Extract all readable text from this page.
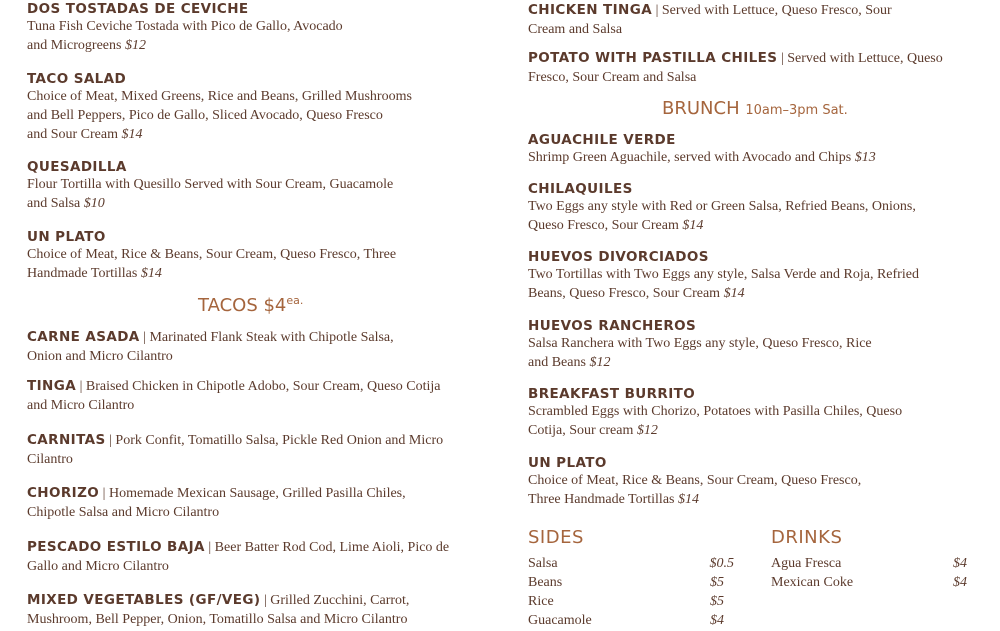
DOS TOSTADAS DE CEVICHE
Tuna Fish Ceviche Tostada with Pico de Gallo, Avocado
and Microgreens $12
TACO SALAD
Choice of Meat, Mixed Greens, Rice and Beans, Grilled Mushrooms
and Bell Peppers, Pico de Gallo, Sliced Avocado, Queso Fresco
and Sour Cream $14
QUESADILLA
Flour Tortilla with Quesillo Served with Sour Cream, Guacamole
and Salsa $10
UN PLATO
Choice of Meat, Rice & Beans, Sour Cream, Queso Fresco, Three
Handmade Tortillas $14
TACOS $\$4^{ea.}$
CARNE ASADA | Marinated Flank Steak with Chipotle Salsa,
Onion and Micro Cilantro
TINGA | Braised Chicken in Chipotle Adobo, Sour Cream, Queso Cotija
and Micro Cilantro
CARNITAS | Pork Confit, Tomatillo Salsa, Pickle Red Onion and Micro
Cilantro
CHORIZO | Homemade Mexican Sausage, Grilled Pasilla Chiles,
Chipotle Salsa and Micro Cilantro
PESCADO ESTILO BAJA | Beer Batter Rod Cod, Lime Aioli, Pico de
Gallo and Micro Cilantro
MIXED VEGETABLES (GF/VEG) | Grilled Zucchini, Carrot,
Mushroom, Bell Pepper, Onion, Tomatillo Salsa and Micro Cilantro
CHICKEN TINGA | Served with Lettuce, Queso Fresco, Sour
Cream and Salsa
POTATO WITH PASTILLA CHILES | Served with Lettuce, Queso
Fresco, Sour Cream and Salsa
BRUNCH 10am–3pm Sat.
AGUACHILE VERDE
Shrimp Green Aguachile, served with Avocado and Chips $13
CHILAQUILES
Two Eggs any style with Red or Green Salsa, Refried Beans, Onions,
Queso Fresco, Sour Cream $14
HUEVOS DIVORCIADOS
Two Tortillas with Two Eggs any style, Salsa Verde and Roja, Refried
Beans, Queso Fresco, Sour Cream $14
HUEVOS RANCHEROS
Salsa Ranchera with Two Eggs any style, Queso Fresco, Rice
and Beans $12
BREAKFAST BURRITO
Scrambled Eggs with Chorizo, Potatoes with Pasilla Chiles, Queso
Cotija, Sour cream $12
UN PLATO
Choice of Meat, Rice & Beans, Sour Cream, Queso Fresco,
Three Handmade Tortillas $14
SIDES
Salsa	$0.5
Beans	$5
Rice	$5
Guacamole	$4
DRINKS
Agua Fresca	$4
Mexican Coke	$4
